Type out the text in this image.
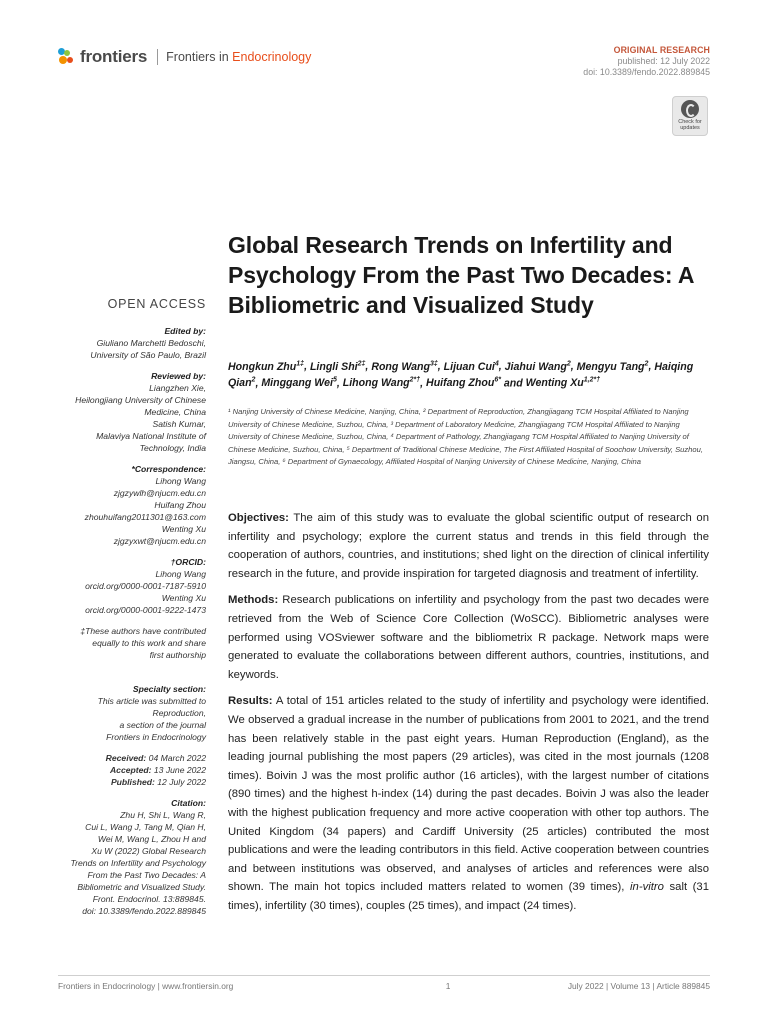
frontiers Frontiers in Endocrinology	ORIGINAL RESEARCH
published: 12 July 2022
doi: 10.3389/fendo.2022.889845
Check for updates
Global Research Trends on Infertility and Psychology From the Past Two Decades: A Bibliometric and Visualized Study
OPEN ACCESS
Edited by:
Giuliano Marchetti Bedoschi,
University of São Paulo, Brazil
Reviewed by:
Liangzhen Xie,
Heilongjiang University of Chinese
Medicine, China
Satish Kumar,
Malaviya National Institute of
Technology, India
*Correspondence:
Lihong Wang
zjgzywlh@njucm.edu.cn
Huifang Zhou
zhouhuifang2011301@163.com
Wenting Xu
zjgzyxwt@njucm.edu.cn
†ORCID:
Lihong Wang
orcid.org/0000-0001-7187-5910
Wenting Xu
orcid.org/0000-0001-9222-1473
‡These authors have contributed
equally to this work and share
first authorship
Specialty section:
This article was submitted to
Reproduction,
a section of the journal
Frontiers in Endocrinology
Received: 04 March 2022
Accepted: 13 June 2022
Published: 12 July 2022
Citation:
Zhu H, Shi L, Wang R,
Cui L, Wang J, Tang M, Qian H,
Wei M, Wang L, Zhou H and
Xu W (2022) Global Research
Trends on Infertility and Psychology
From the Past Two Decades: A
Bibliometric and Visualized Study.
Front. Endocrinol. 13:889845.
doi: 10.3389/fendo.2022.889845
Hongkun Zhu$^{1\ddagger}$, Lingli Shi$^{2\ddagger}$, Rong Wang$^{3\ddagger}$, Lijuan Cui$^4$, Jiahui Wang$^2$, Mengyu Tang$^2$, Haiqing Qian$^2$, Minggang Wei$^5$, Lihong Wang$^{2*\dagger}$, Huifang Zhou$^{6*}$ and Wenting $Xu^{1,2*\dagger}$
¹ Nanjing University of Chinese Medicine, Nanjing, China, ² Department of Reproduction, Zhangjiagang TCM Hospital Affiliated to Nanjing University of Chinese Medicine, Suzhou, China, ³ Department of Laboratory Medicine, Zhangjiagang TCM Hospital Affiliated to Nanjing University of Chinese Medicine, Suzhou, China, ⁴ Department of Pathology, Zhangjiagang TCM Hospital Affiliated to Nanjing University of Chinese Medicine, Suzhou, China, ⁵ Department of Traditional Chinese Medicine, The First Affiliated Hospital of Soochow University, Suzhou, Jiangsu, China, ⁶ Department of Gynaecology, Affiliated Hospital of Nanjing University of Chinese Medicine, Nanjing, China

Objectives: The aim of this study was to evaluate the global scientific output of research on infertility and psychology; explore the current status and trends in this field through the cooperation of authors, countries, and institutions; shed light on the direction of clinical infertility research in the future, and provide inspiration for targeted diagnosis and treatment of infertility.

Methods: Research publications on infertility and psychology from the past two decades were retrieved from the Web of Science Core Collection (WoSCC). Bibliometric analyses were performed using VOSviewer software and the bibliometrix R package. Network maps were generated to evaluate the collaborations between different authors, countries, institutions, and keywords.

Results: A total of 151 articles related to the study of infertility and psychology were identified. We observed a gradual increase in the number of publications from 2001 to 2021, and the trend has been relatively stable in the past eight years. Human Reproduction (England), as the leading journal publishing the most papers (29 articles), was cited in the most journals (1208 times). Boivin J was the most prolific author (16 articles), with the largest number of citations (890 times) and the highest h-index (14) during the past decades. Boivin J was also the leader with the highest publication frequency and more active cooperation with other top authors. The United Kingdom (34 papers) and Cardiff University (25 articles) contributed the most publications and were the leading contributors in this field. Active cooperation between countries and between institutions was observed, and analyses of articles and references were also shown. The main hot topics included matters related to women (39 times), in-vitro salt (31 times), infertility (30 times), couples (25 times), and impact (24 times).

Frontiers in Endocrinology | www.frontiersin.org	1	July 2022 | Volume 13 | Article 889845
